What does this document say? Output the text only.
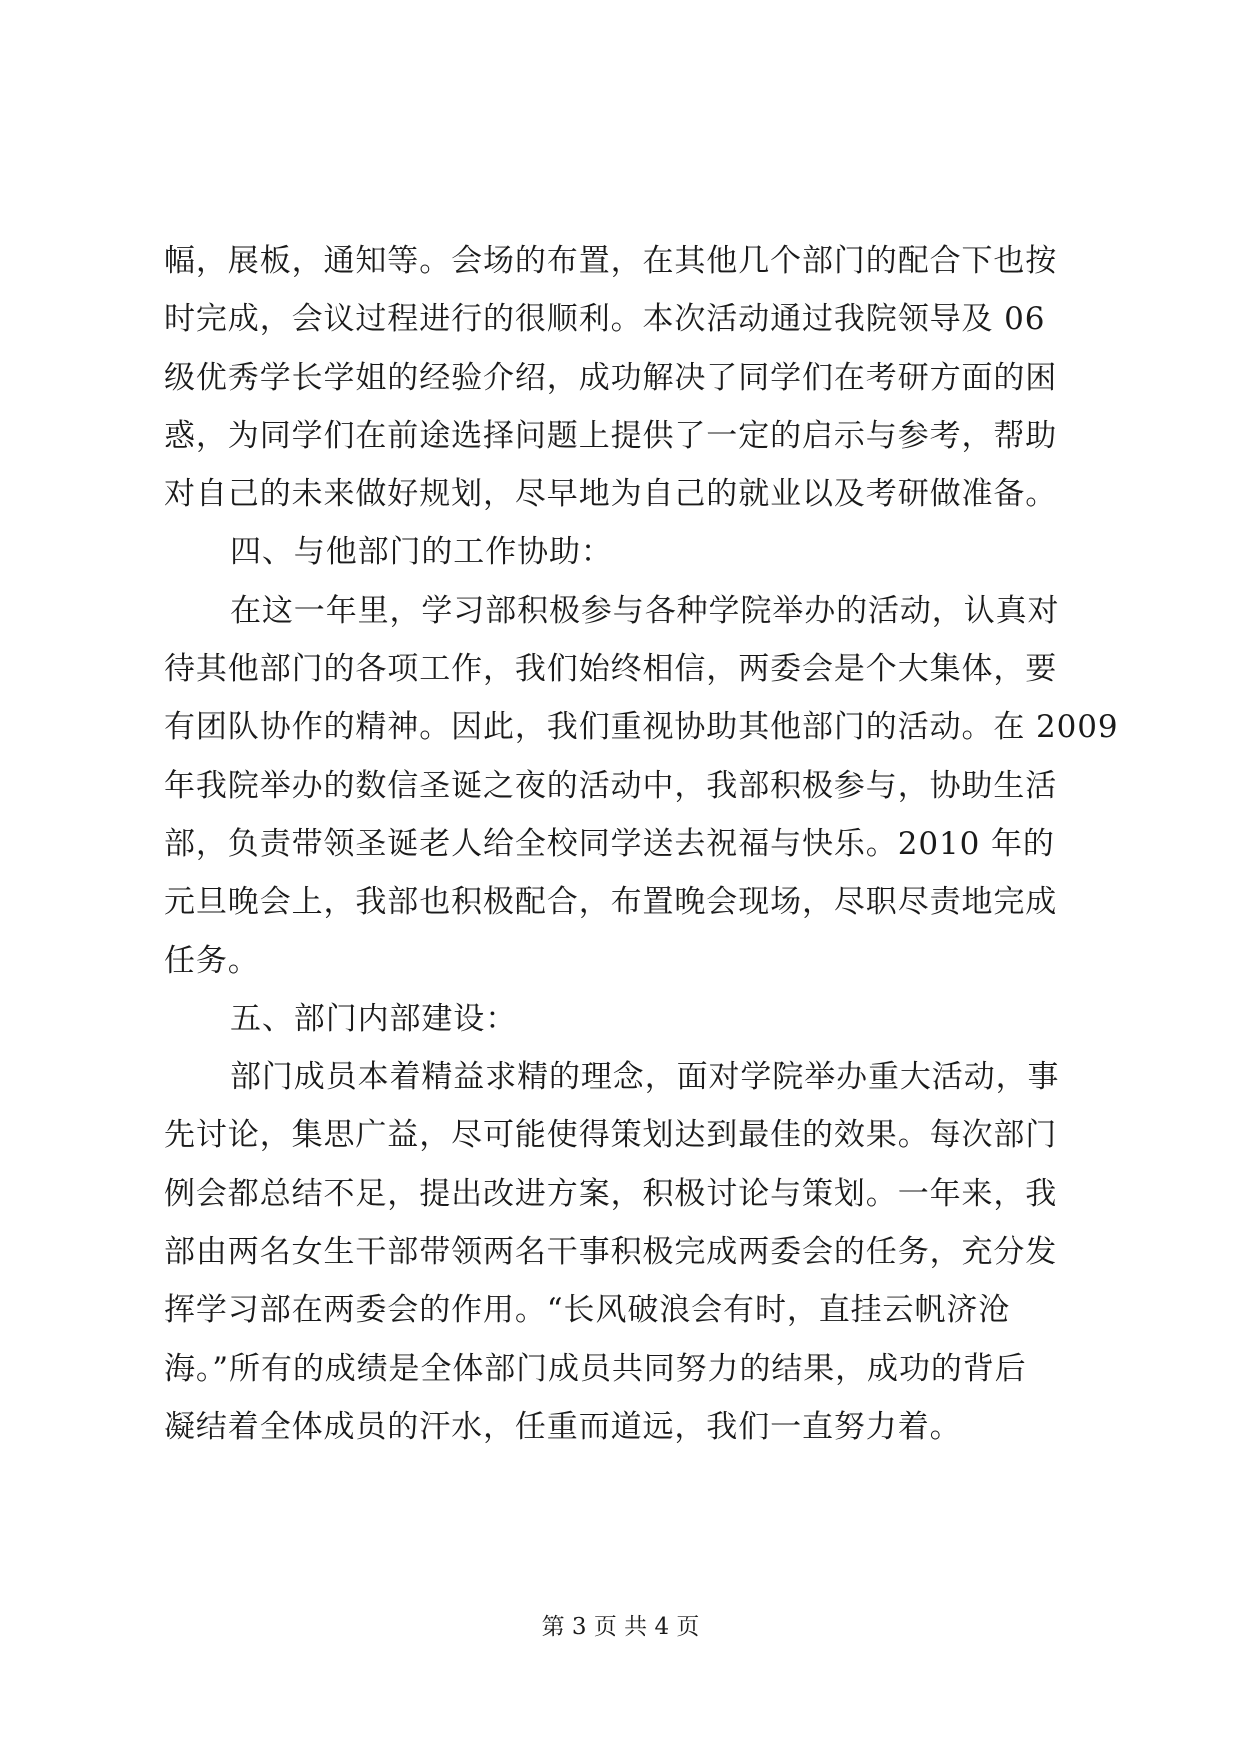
幅，展板，通知等。会场的布置，在其他几个部门的配合下也按
时完成，会议过程进行的很顺利。本次活动通过我院领导及 06
级优秀学长学姐的经验介绍，成功解决了同学们在考研方面的困
惑，为同学们在前途选择问题上提供了一定的启示与参考，帮助
对自己的未来做好规划，尽早地为自己的就业以及考研做准备。
四、与他部门的工作协助：
在这一年里，学习部积极参与各种学院举办的活动，认真对
待其他部门的各项工作，我们始终相信，两委会是个大集体，要
有团队协作的精神。因此，我们重视协助其他部门的活动。在 2009
年我院举办的数信圣诞之夜的活动中，我部积极参与，协助生活
部，负责带领圣诞老人给全校同学送去祝福与快乐。2010 年的
元旦晚会上，我部也积极配合，布置晚会现场，尽职尽责地完成
任务。
五、部门内部建设：
部门成员本着精益求精的理念，面对学院举办重大活动，事
先讨论，集思广益，尽可能使得策划达到最佳的效果。每次部门
例会都总结不足，提出改进方案，积极讨论与策划。一年来，我
部由两名女生干部带领两名干事积极完成两委会的任务，充分发
挥学习部在两委会的作用。“长风破浪会有时，直挂云帆济沧
海。”所有的成绩是全体部门成员共同努力的结果，成功的背后
凝结着全体成员的汗水，任重而道远，我们一直努力着。
第 3 页 共 4 页
